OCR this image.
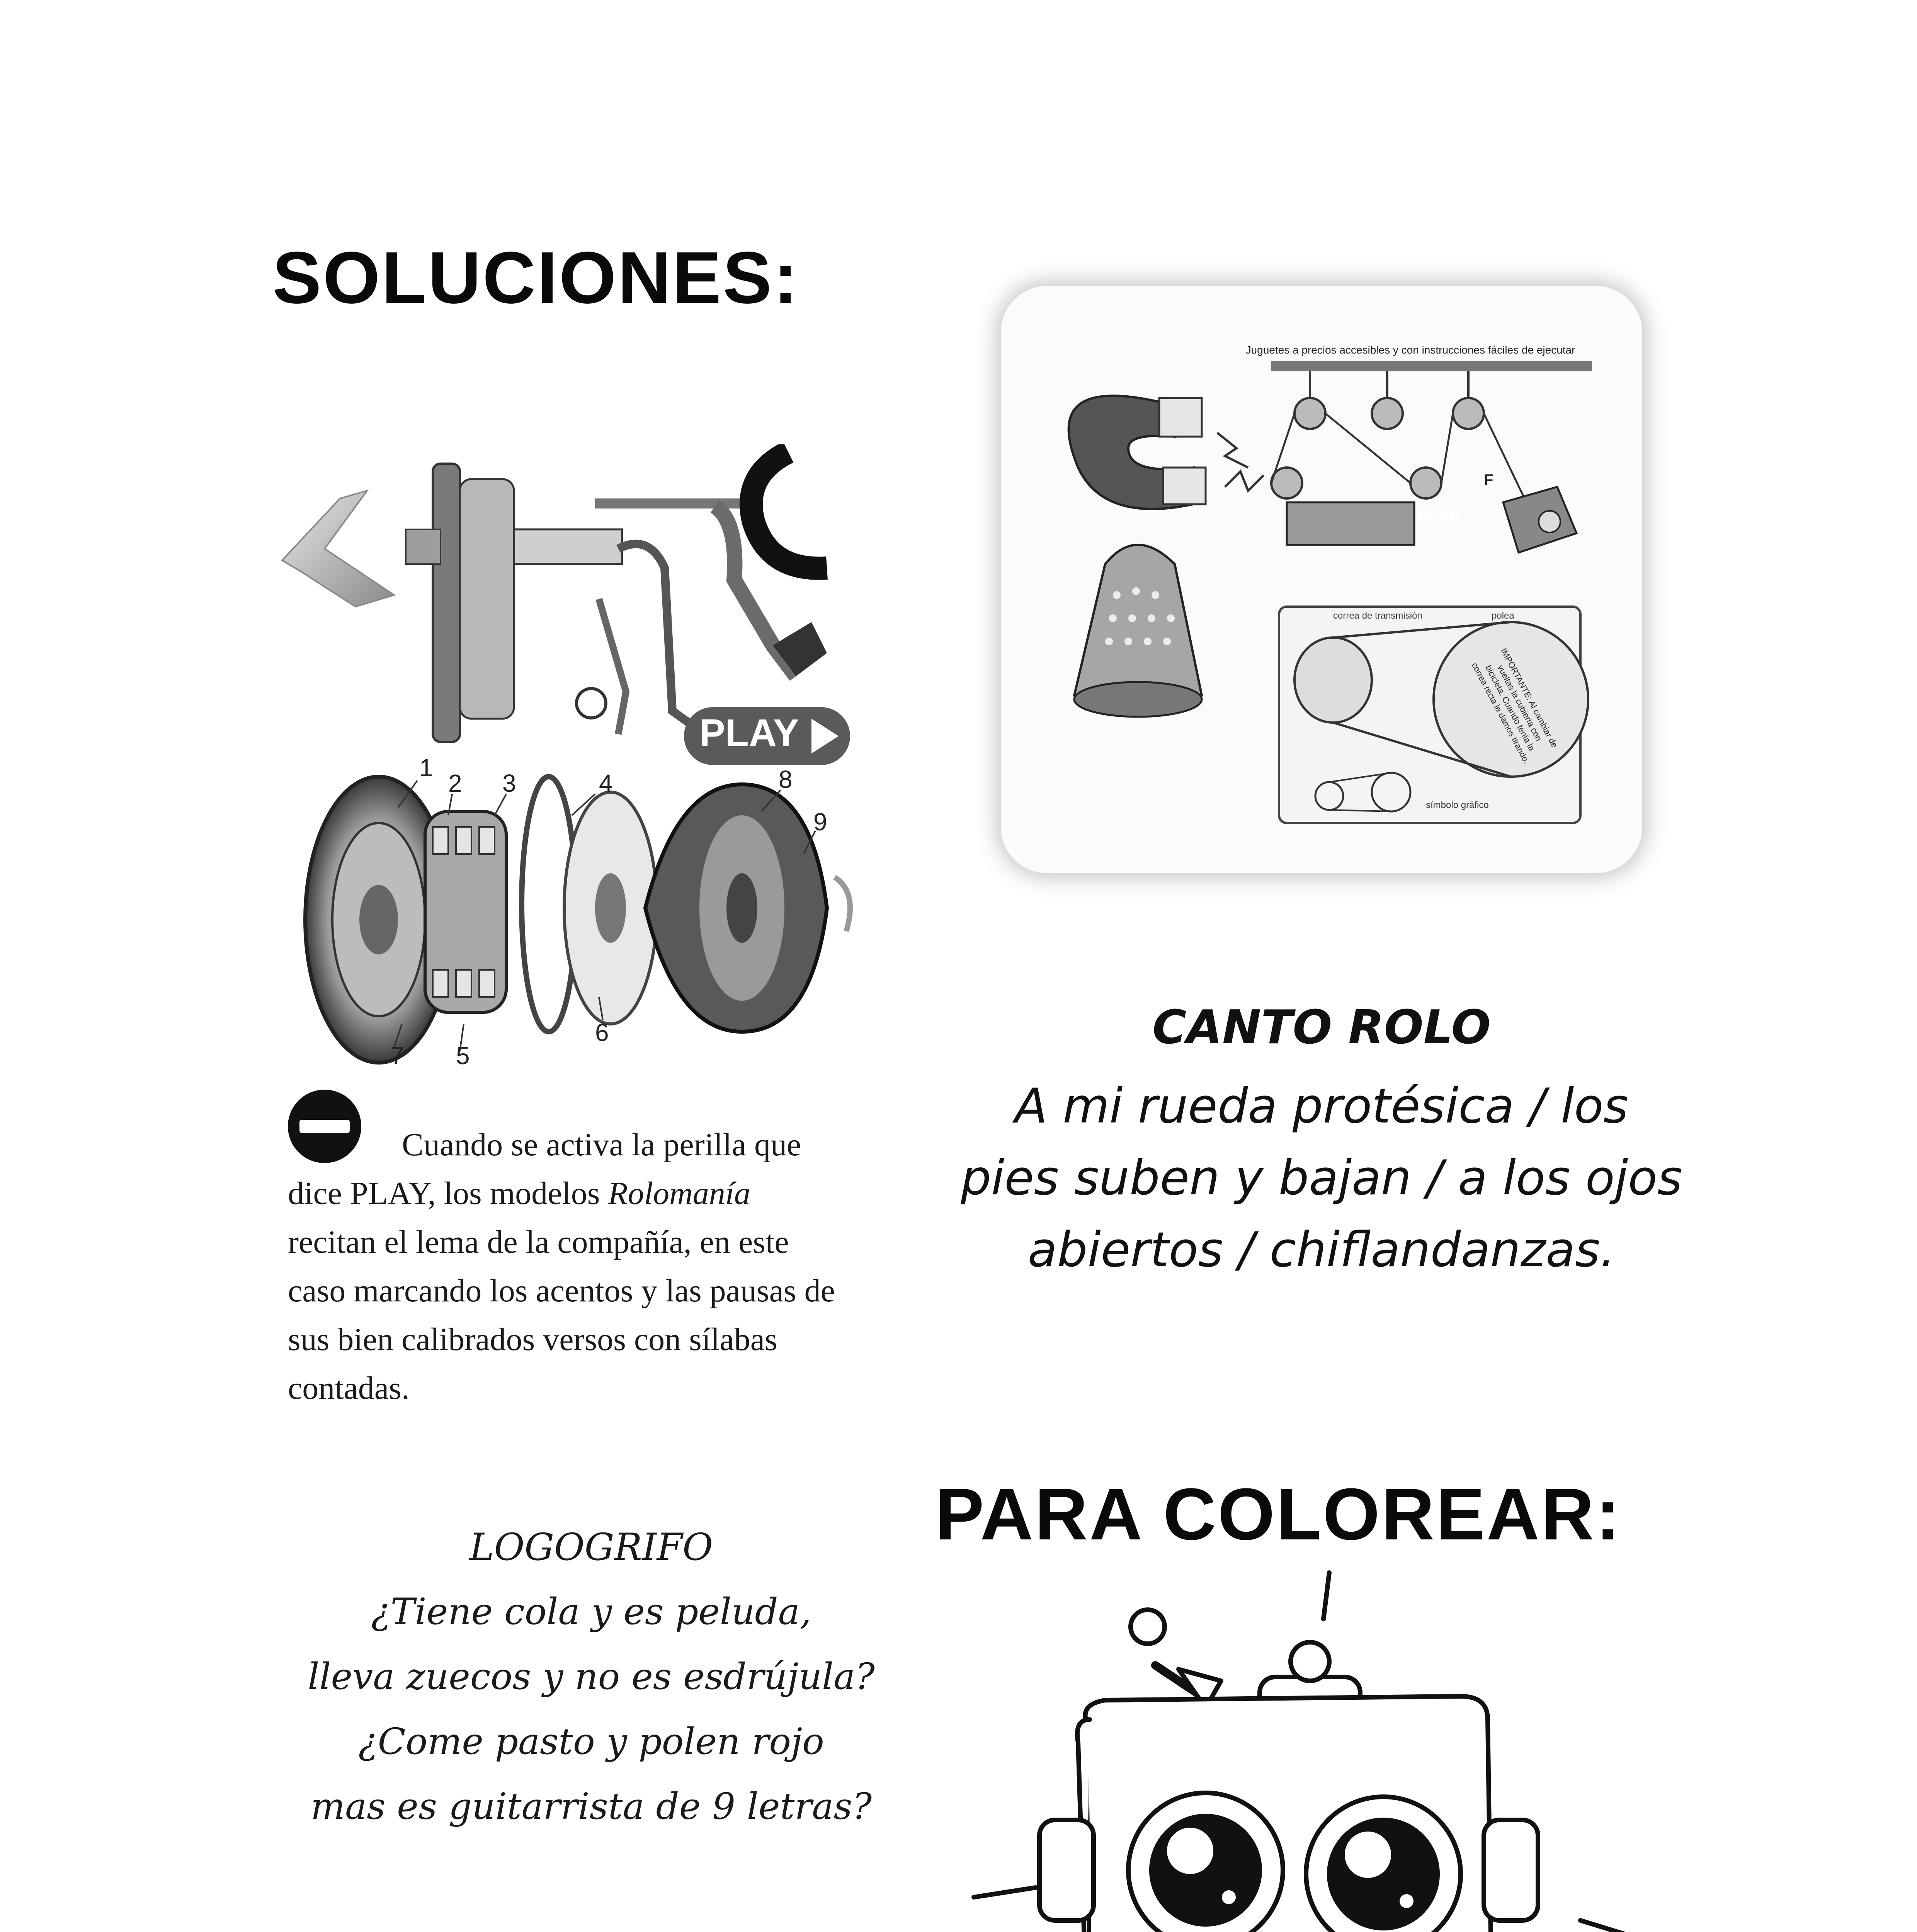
SOLUCIONES:
PLAY
1
2 3	4	8
9
7 5
6
Juguetes a precios accesibles y con instrucciones fáciles de ejecutar
60 kg
F
correa de transmisión	polea
símbolo gráfico
IMPORTANTE: Al cambiar de vueltas la cubierta con bicicleta. Cuando tenía la correa recta le damos tirando.
CANTO ROLO
A mi rueda protésica / los
pies suben y bajan / a los ojos
abiertos / chiflandanzas.
Cuando se activa la perilla que
dice PLAY, los modelos Rolomanía
recitan el lema de la compañía, en este
caso marcando los acentos y las pausas de
sus bien calibrados versos con sílabas
contadas.
PARA COLOREAR:
LOGOGRIFO
¿Tiene cola y es peluda,
lleva zuecos y no es esdrújula?
¿Come pasto y polen rojo
mas es guitarrista de 9 letras?
